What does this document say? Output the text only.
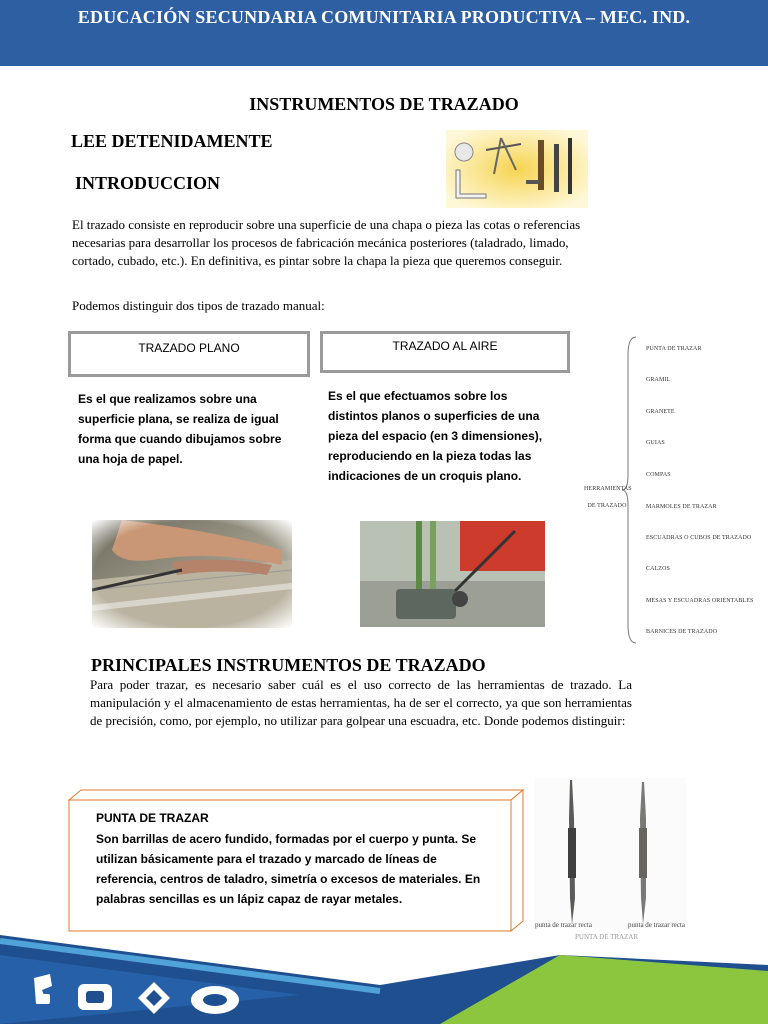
EDUCACIÓN SECUNDARIA COMUNITARIA PRODUCTIVA – MEC. IND.
INSTRUMENTOS DE TRAZADO
LEE DETENIDAMENTE
INTRODUCCION
El trazado consiste en reproducir sobre una superficie de una chapa o pieza las cotas o referencias necesarias para desarrollar los procesos de fabricación mecánica posteriores (taladrado, limado, cortado, cubado, etc.). En definitiva, es pintar sobre la chapa la pieza que queremos conseguir.
Podemos distinguir dos tipos de trazado manual:
TRAZADO PLANO	TRAZADO AL AIRE
Es el que realizamos sobre una superficie plana, se realiza de igual forma que cuando dibujamos sobre una hoja de papel.
Es el que efectuamos sobre los distintos planos o superficies de una pieza del espacio (en 3 dimensiones), reproduciendo en la pieza todas las indicaciones de un croquis plano.
HERRAMIENTAS
DE TRAZADO
PUNTA DE TRAZAR
GRAMIL
GRANETE
GUIAS
COMPAS
MARMOLES DE TRAZAR
ESCUADRAS O CUBOS DE TRAZADO
CALZOS
MESAS Y ESCUADRAS ORIENTABLES
BARNICES DE TRAZADO
PRINCIPALES INSTRUMENTOS DE TRAZADO
Para poder trazar, es necesario saber cuál es el uso correcto de las herramientas de trazado. La manipulación y el almacenamiento de estas herramientas, ha de ser el correcto, ya que son herramientas de precisión, como, por ejemplo, no utilizar para golpear una escuadra, etc. Donde podemos distinguir:
PUNTA DE TRAZAR
Son barrillas de acero fundido, formadas por el cuerpo y punta. Se utilizan básicamente para el trazado y marcado de líneas de referencia, centros de taladro, simetría o excesos de materiales. En palabras sencillas es un lápiz capaz de rayar metales.
punta de trazar recta	punta de trazar recta
PUNTA DE TRAZAR
